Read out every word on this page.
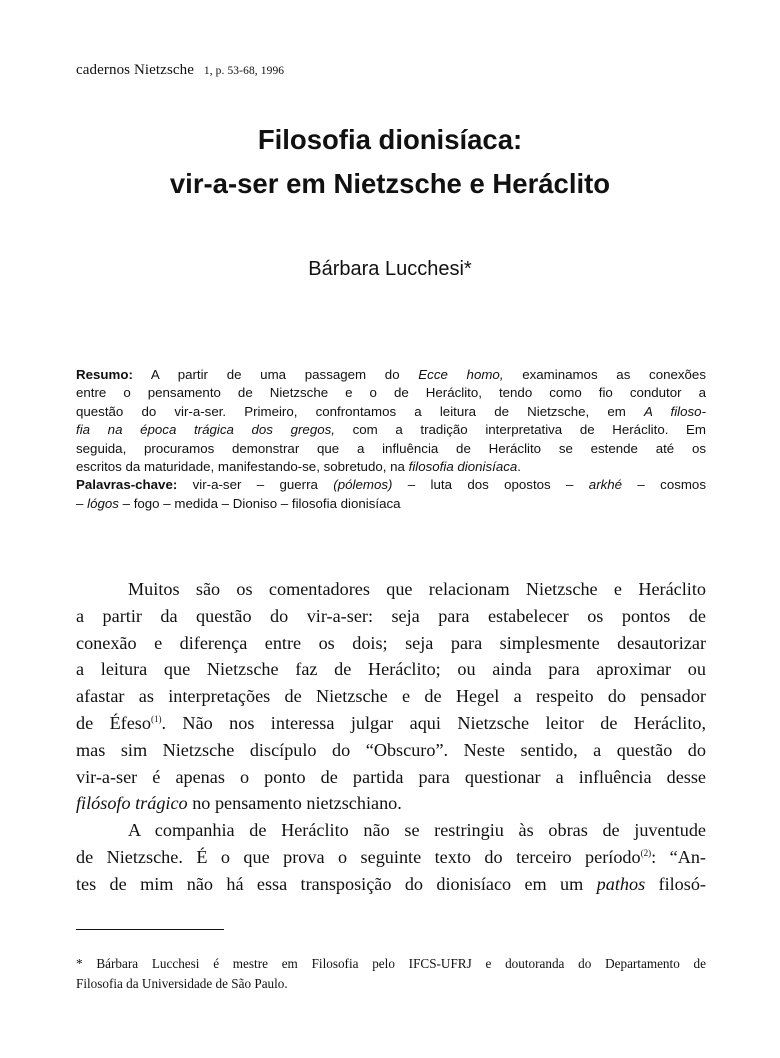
cadernos Nietzsche 1, p. 53-68, 1996
Filosofia dionisíaca:
vir-a-ser em Nietzsche e Heráclito
Bárbara Lucchesi*
Resumo: A partir de uma passagem do Ecce homo, examinamos as conexões
entre o pensamento de Nietzsche e o de Heráclito, tendo como fio condutor a
questão do vir-a-ser. Primeiro, confrontamos a leitura de Nietzsche, em A filoso-
fia na época trágica dos gregos, com a tradição interpretativa de Heráclito. Em
seguida, procuramos demonstrar que a influência de Heráclito se estende até os
escritos da maturidade, manifestando-se, sobretudo, na filosofia dionisíaca.
Palavras-chave: vir-a-ser – guerra (pólemos) – luta dos opostos – arkhé – cosmos
– lógos – fogo – medida – Dioniso – filosofia dionisíaca
Muitos são os comentadores que relacionam Nietzsche e Heráclito
a partir da questão do vir-a-ser: seja para estabelecer os pontos de
conexão e diferença entre os dois; seja para simplesmente desautorizar
a leitura que Nietzsche faz de Heráclito; ou ainda para aproximar ou
afastar as interpretações de Nietzsche e de Hegel a respeito do pensador
de Éfeso$^{(1)}$. Não nos interessa julgar aqui Nietzsche leitor de Heráclito,
mas sim Nietzsche discípulo do “Obscuro”. Neste sentido, a questão do
vir-a-ser é apenas o ponto de partida para questionar a influência desse
filósofo trágico no pensamento nietzschiano.
A companhia de Heráclito não se restringiu às obras de juventude
de Nietzsche. É o que prova o seguinte texto do terceiro período$^{(2)}$: “An-
tes de mim não há essa transposição do dionisíaco em um pathos filosó-
* Bárbara Lucchesi é mestre em Filosofia pelo IFCS-UFRJ e doutoranda do Departamento de
Filosofia da Universidade de São Paulo.
